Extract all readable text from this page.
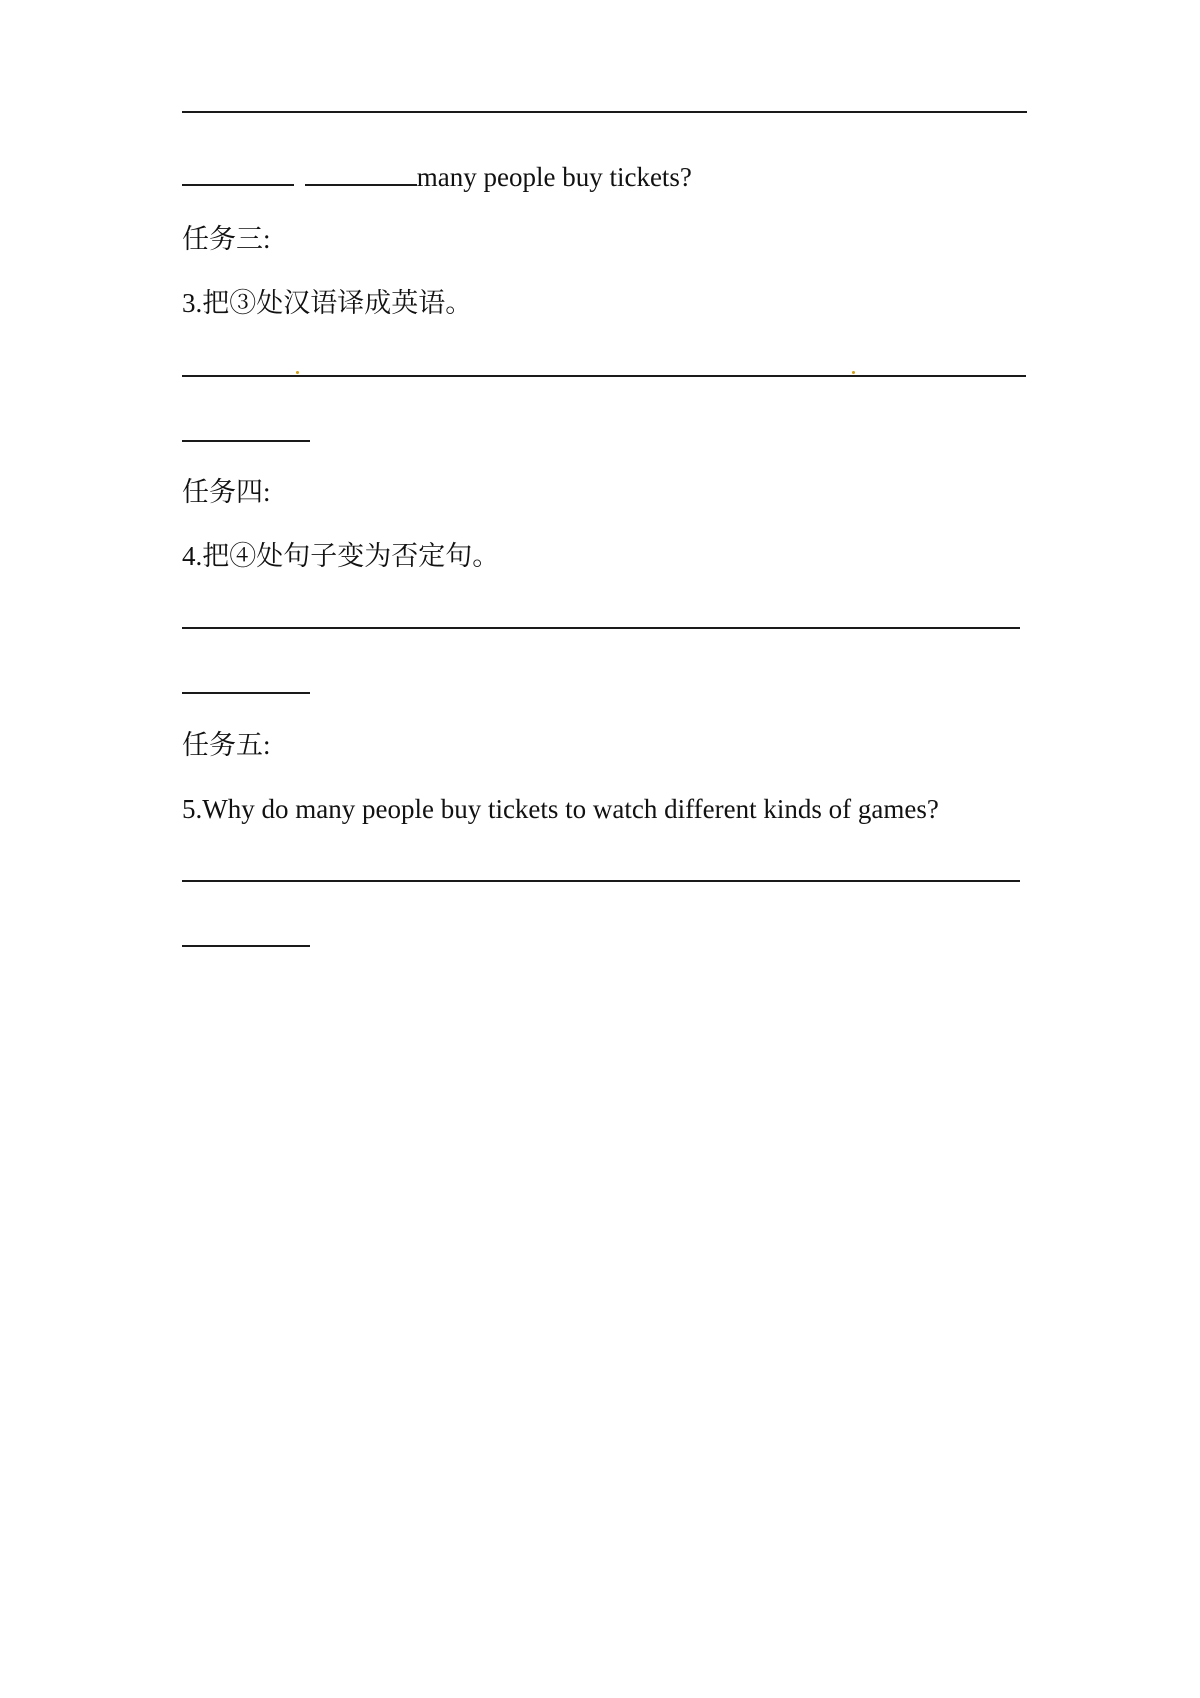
many people buy tickets?
任务三:
3.把③处汉语译成英语。
任务四:
4.把④处句子变为否定句。
任务五:
5.Why do many people buy tickets to watch different kinds of games?
